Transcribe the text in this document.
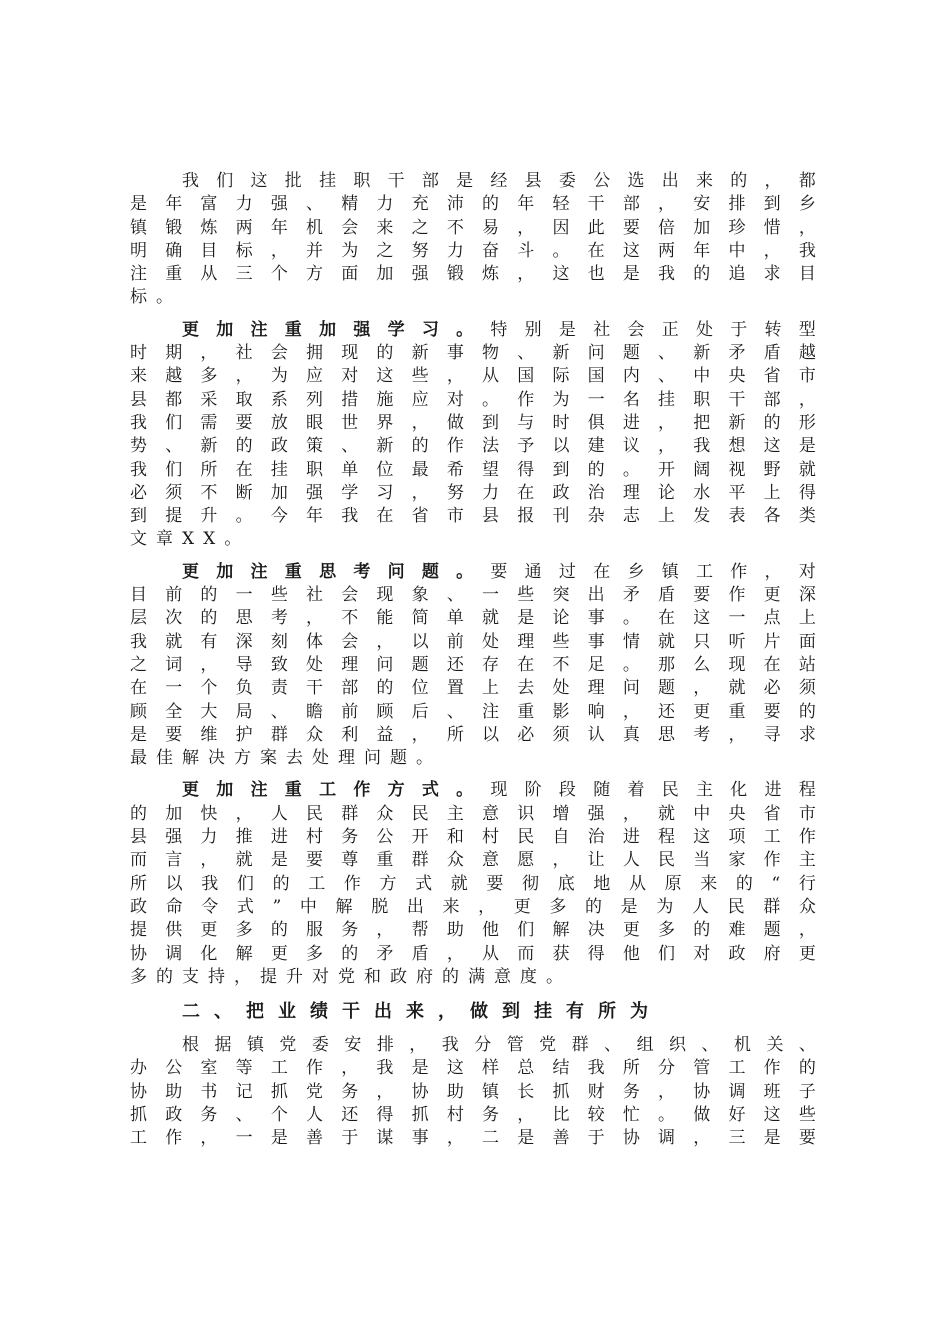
我 们 这 批 挂 职 干 部 是 经 县 委 公 选 出 来 的 ， 都
是 年 富 力 强 、 精 力 充 沛 的 年 轻 干 部 ， 安 排 到 乡
镇 锻 炼 两 年 机 会 来 之 不 易 ， 因 此 要 倍 加 珍 惜 ，
明 确 目 标 ， 并 为 之 努 力 奋 斗 。 在 这 两 年 中 ， 我
注 重 从 三 个 方 面 加 强 锻 炼 ， 这 也 是 我 的 追 求 目
标 。
更 加 注 重 加 强 学 习 。 特 别 是 社 会 正 处 于 转 型
时 期 ， 社 会 拥 现 的 新 事 物 、 新 问 题 、 新 矛 盾 越
来 越 多 ， 为 应 对 这 些 ， 从 国 际 国 内 、 中 央 省 市
县 都 采 取 系 列 措 施 应 对 。 作 为 一 名 挂 职 干 部 ，
我 们 需 要 放 眼 世 界 ， 做 到 与 时 俱 进 ， 把 新 的 形
势 、 新 的 政 策 、 新 的 作 法 予 以 建 议 ， 我 想 这 是
我 们 所 在 挂 职 单 位 最 希 望 得 到 的 。 开 阔 视 野 就
必 须 不 断 加 强 学 习 ， 努 力 在 政 治 理 论 水 平 上 得
到 提 升 。 今 年 我 在 省 市 县 报 刊 杂 志 上 发 表 各 类
文 章 X X 。
更 加 注 重 思 考 问 题 。 要 通 过 在 乡 镇 工 作 ， 对
目 前 的 一 些 社 会 现 象 、 一 些 突 出 矛 盾 要 作 更 深
层 次 的 思 考 ， 不 能 简 单 就 是 论 事 。 在 这 一 点 上
我 就 有 深 刻 体 会 ， 以 前 处 理 些 事 情 就 只 听 片 面
之 词 ， 导 致 处 理 问 题 还 存 在 不 足 。 那 么 现 在 站
在 一 个 负 责 干 部 的 位 置 上 去 处 理 问 题 ， 就 必 须
顾 全 大 局 、 瞻 前 顾 后 、 注 重 影 响 ， 还 更 重 要 的
是 要 维 护 群 众 利 益 ， 所 以 必 须 认 真 思 考 ， 寻 求
最 佳 解 决 方 案 去 处 理 问 题 。
更 加 注 重 工 作 方 式 。 现 阶 段 随 着 民 主 化 进 程
的 加 快 ， 人 民 群 众 民 主 意 识 增 强 ， 就 中 央 省 市
县 强 力 推 进 村 务 公 开 和 村 民 自 治 进 程 这 项 工 作
而 言 ， 就 是 要 尊 重 群 众 意 愿 ， 让 人 民 当 家 作 主
所 以 我 们 的 工 作 方 式 就 要 彻 底 地 从 原 来 的 “ 行
政 命 令 式 ” 中 解 脱 出 来 ， 更 多 的 是 为 人 民 群 众
提 供 更 多 的 服 务 ， 帮 助 他 们 解 决 更 多 的 难 题 ，
协 调 化 解 更 多 的 矛 盾 ， 从 而 获 得 他 们 对 政 府 更
多 的 支 持 ， 提 升 对 党 和 政 府 的 满 意 度 。
二 、 把 业 绩 干 出 来 ， 做 到 挂 有 所 为
根 据 镇 党 委 安 排 ， 我 分 管 党 群 、 组 织 、 机 关 、
办 公 室 等 工 作 ， 我 是 这 样 总 结 我 所 分 管 工 作 的
协 助 书 记 抓 党 务 ， 协 助 镇 长 抓 财 务 ， 协 调 班 子
抓 政 务 、 个 人 还 得 抓 村 务 ， 比 较 忙 。 做 好 这 些
工 作 ， 一 是 善 于 谋 事 ， 二 是 善 于 协 调 ， 三 是 要
